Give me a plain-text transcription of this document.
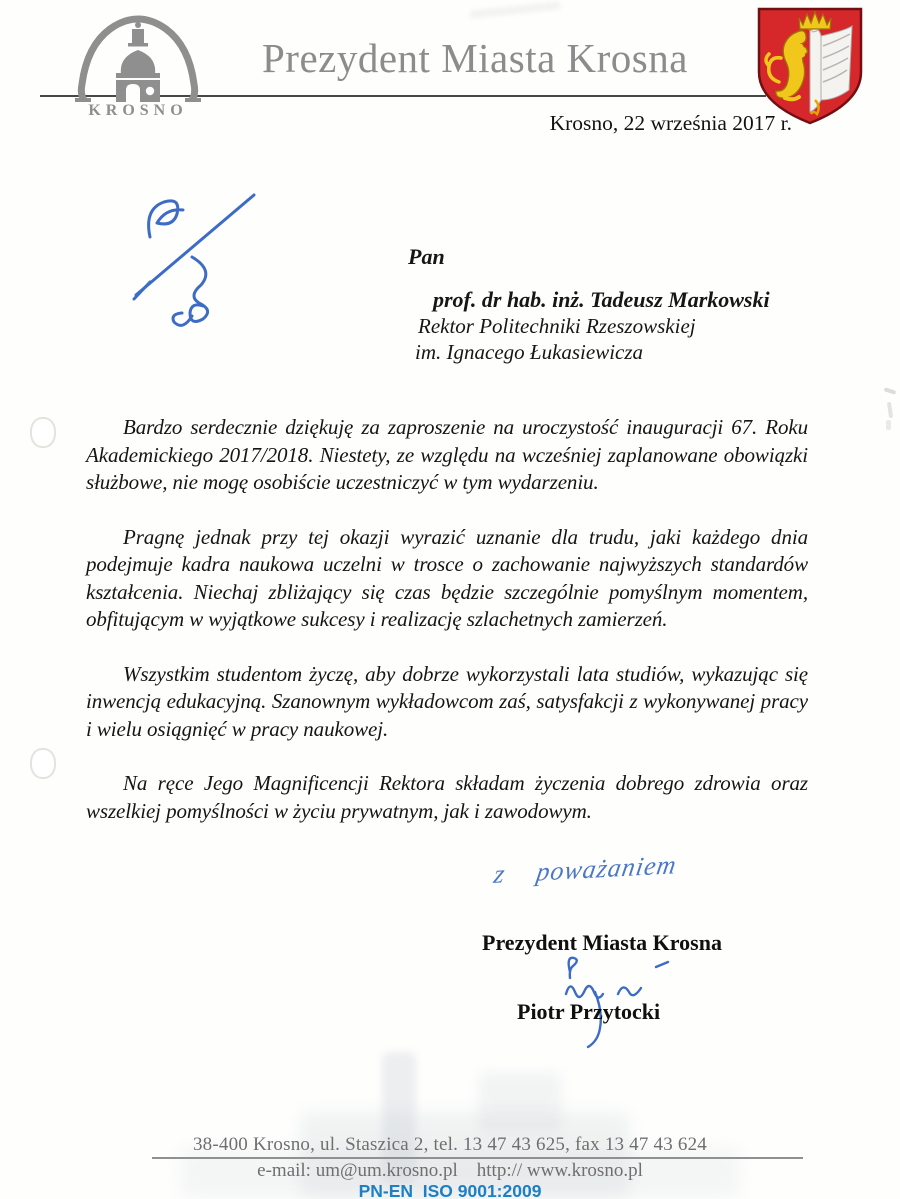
KROSNO
Prezydent Miasta Krosna
Krosno, 22 września 2017 r.
Pan
prof. dr hab. inż. Tadeusz Markowski
Rektor Politechniki Rzeszowskiej
im. Ignacego Łukasiewicza

Bardzo serdecznie dziękuję za zaproszenie na uroczystość inauguracji 67. Roku Akademickiego 2017/2018. Niestety, ze względu na wcześniej zaplanowane obowiązki służbowe, nie mogę osobiście uczestniczyć w tym wydarzeniu.

Pragnę jednak przy tej okazji wyrazić uznanie dla trudu, jaki każdego dnia podejmuje kadra naukowa uczelni w trosce o zachowanie najwyższych standardów kształcenia. Niechaj zbliżający się czas będzie szczególnie pomyślnym momentem, obfitującym w wyjątkowe sukcesy i realizację szlachetnych zamierzeń.

Wszystkim studentom życzę, aby dobrze wykorzystali lata studiów, wykazując się inwencją edukacyjną. Szanownym wykładowcom zaś, satysfakcji z wykonywanej pracy i wielu osiągnięć w pracy naukowej.

Na ręce Jego Magnificencji Rektora składam życzenia dobrego zdrowia oraz wszelkiej pomyślności w życiu prywatnym, jak i zawodowym.

z poważaniem
Prezydent Miasta Krosna
Piotr Przytocki
38-400 Krosno, ul. Staszica 2, tel. 13 47 43 625, fax 13 47 43 624
e-mail: um@um.krosno.pl    http:// www.krosno.pl
PN-EN  ISO 9001:2009
